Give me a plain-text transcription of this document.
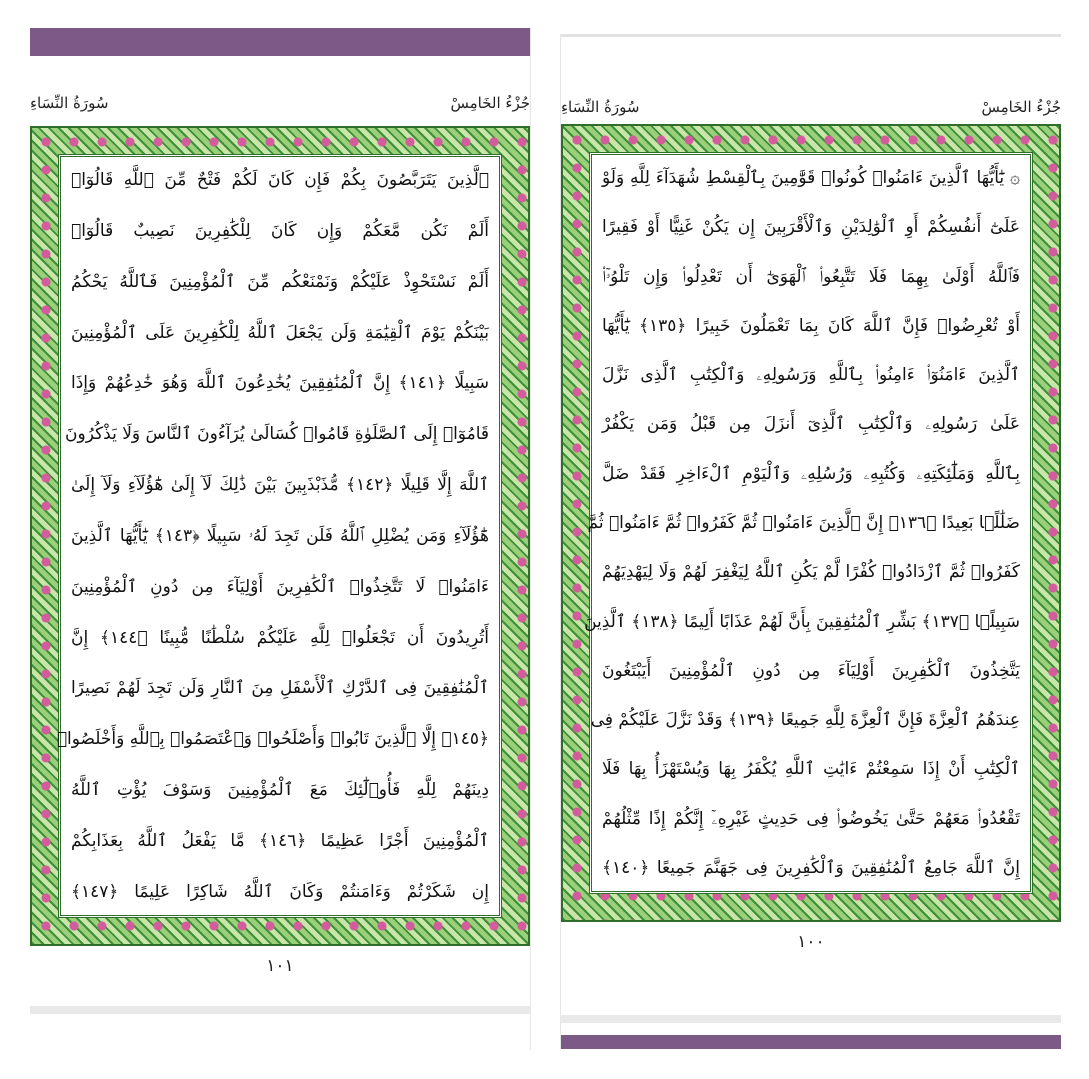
جُزْءُ الخَامِسْ
سُورَةُ النِّسَاءِ
ٱلَّذِينَ يَتَرَبَّصُونَ بِكُمْ فَإِن كَانَ لَكُمْ فَتْحٌ مِّنَ ٱللَّهِ قَالُوٓا۟
أَلَمْ نَكُن مَّعَكُمْ وَإِن كَانَ لِلْكَٰفِرِينَ نَصِيبٌ قَالُوٓا۟
أَلَمْ نَسْتَحْوِذْ عَلَيْكُمْ وَنَمْنَعْكُم مِّنَ ٱلْمُؤْمِنِينَ فَٱللَّهُ يَحْكُمُ
بَيْنَكُمْ يَوْمَ ٱلْقِيَٰمَةِ وَلَن يَجْعَلَ ٱللَّهُ لِلْكَٰفِرِينَ عَلَى ٱلْمُؤْمِنِينَ
سَبِيلًا ﴿١٤١﴾ إِنَّ ٱلْمُنَٰفِقِينَ يُخَٰدِعُونَ ٱللَّهَ وَهُوَ خَٰدِعُهُمْ وَإِذَا
قَامُوٓا۟ إِلَى ٱلصَّلَوٰةِ قَامُوا۟ كُسَالَىٰ يُرَآءُونَ ٱلنَّاسَ وَلَا يَذْكُرُونَ
ٱللَّهَ إِلَّا قَلِيلًا ﴿١٤٢﴾ مُّذَبْذَبِينَ بَيْنَ ذَٰلِكَ لَآ إِلَىٰ هَٰٓؤُلَآءِ وَلَآ إِلَىٰ
هَٰٓؤُلَآءِ وَمَن يُضْلِلِ ٱللَّهُ فَلَن تَجِدَ لَهُۥ سَبِيلًا ﴿١٤٣﴾ يَٰٓأَيُّهَا ٱلَّذِينَ
ءَامَنُوا۟ لَا تَتَّخِذُوا۟ ٱلْكَٰفِرِينَ أَوْلِيَآءَ مِن دُونِ ٱلْمُؤْمِنِينَ
أَتُرِيدُونَ أَن تَجْعَلُوا۟ لِلَّهِ عَلَيْكُمْ سُلْطَٰنًا مُّبِينًا ﴿١٤٤﴾ إِنَّ
ٱلْمُنَٰفِقِينَ فِى ٱلدَّرْكِ ٱلْأَسْفَلِ مِنَ ٱلنَّارِ وَلَن تَجِدَ لَهُمْ نَصِيرًا
﴿١٤٥﴾ إِلَّا ٱلَّذِينَ تَابُوا۟ وَأَصْلَحُوا۟ وَٱعْتَصَمُوا۟ بِٱللَّهِ وَأَخْلَصُوا۟
دِينَهُمْ لِلَّهِ فَأُو۟لَٰٓئِكَ مَعَ ٱلْمُؤْمِنِينَ وَسَوْفَ يُؤْتِ ٱللَّهُ
ٱلْمُؤْمِنِينَ أَجْرًا عَظِيمًا ﴿١٤٦﴾ مَّا يَفْعَلُ ٱللَّهُ بِعَذَابِكُمْ
إِن شَكَرْتُمْ وَءَامَنتُمْ وَكَانَ ٱللَّهُ شَاكِرًا عَلِيمًا ﴿١٤٧﴾
١٠١
جُزْءُ الخَامِسْ
سُورَةُ النِّسَاءِ
۞ يَٰٓأَيُّهَا ٱلَّذِينَ ءَامَنُوا۟ كُونُوا۟ قَوَّٰمِينَ بِٱلْقِسْطِ شُهَدَآءَ لِلَّهِ وَلَوْ
عَلَىٰٓ أَنفُسِكُمْ أَوِ ٱلْوَٰلِدَيْنِ وَٱلْأَقْرَبِينَ إِن يَكُنْ غَنِيًّا أَوْ فَقِيرًا
فَٱللَّهُ أَوْلَىٰ بِهِمَا فَلَا تَتَّبِعُوا۟ ٱلْهَوَىٰٓ أَن تَعْدِلُوا۟ وَإِن تَلْوُۥٓا۟
أَوْ تُعْرِضُوا۟ فَإِنَّ ٱللَّهَ كَانَ بِمَا تَعْمَلُونَ خَبِيرًا ﴿١٣٥﴾ يَٰٓأَيُّهَا
ٱلَّذِينَ ءَامَنُوٓا۟ ءَامِنُوا۟ بِٱللَّهِ وَرَسُولِهِۦ وَٱلْكِتَٰبِ ٱلَّذِى نَزَّلَ
عَلَىٰ رَسُولِهِۦ وَٱلْكِتَٰبِ ٱلَّذِىٓ أَنزَلَ مِن قَبْلُ وَمَن يَكْفُرْ
بِٱللَّهِ وَمَلَٰٓئِكَتِهِۦ وَكُتُبِهِۦ وَرُسُلِهِۦ وَٱلْيَوْمِ ٱلْءَاخِرِ فَقَدْ ضَلَّ
ضَلَٰلًۢا بَعِيدًا ﴿١٣٦﴾ إِنَّ ٱلَّذِينَ ءَامَنُوا۟ ثُمَّ كَفَرُوا۟ ثُمَّ ءَامَنُوا۟ ثُمَّ
كَفَرُوا۟ ثُمَّ ٱزْدَادُوا۟ كُفْرًا لَّمْ يَكُنِ ٱللَّهُ لِيَغْفِرَ لَهُمْ وَلَا لِيَهْدِيَهُمْ
سَبِيلًۢا ﴿١٣٧﴾ بَشِّرِ ٱلْمُنَٰفِقِينَ بِأَنَّ لَهُمْ عَذَابًا أَلِيمًا ﴿١٣٨﴾ ٱلَّذِينَ
يَتَّخِذُونَ ٱلْكَٰفِرِينَ أَوْلِيَآءَ مِن دُونِ ٱلْمُؤْمِنِينَ أَيَبْتَغُونَ
عِندَهُمُ ٱلْعِزَّةَ فَإِنَّ ٱلْعِزَّةَ لِلَّهِ جَمِيعًا ﴿١٣٩﴾ وَقَدْ نَزَّلَ عَلَيْكُمْ فِى
ٱلْكِتَٰبِ أَنْ إِذَا سَمِعْتُمْ ءَايَٰتِ ٱللَّهِ يُكْفَرُ بِهَا وَيُسْتَهْزَأُ بِهَا فَلَا
تَقْعُدُوا۟ مَعَهُمْ حَتَّىٰ يَخُوضُوا۟ فِى حَدِيثٍ غَيْرِهِۦٓ إِنَّكُمْ إِذًا مِّثْلُهُمْ
إِنَّ ٱللَّهَ جَامِعُ ٱلْمُنَٰفِقِينَ وَٱلْكَٰفِرِينَ فِى جَهَنَّمَ جَمِيعًا ﴿١٤٠﴾
١٠٠
